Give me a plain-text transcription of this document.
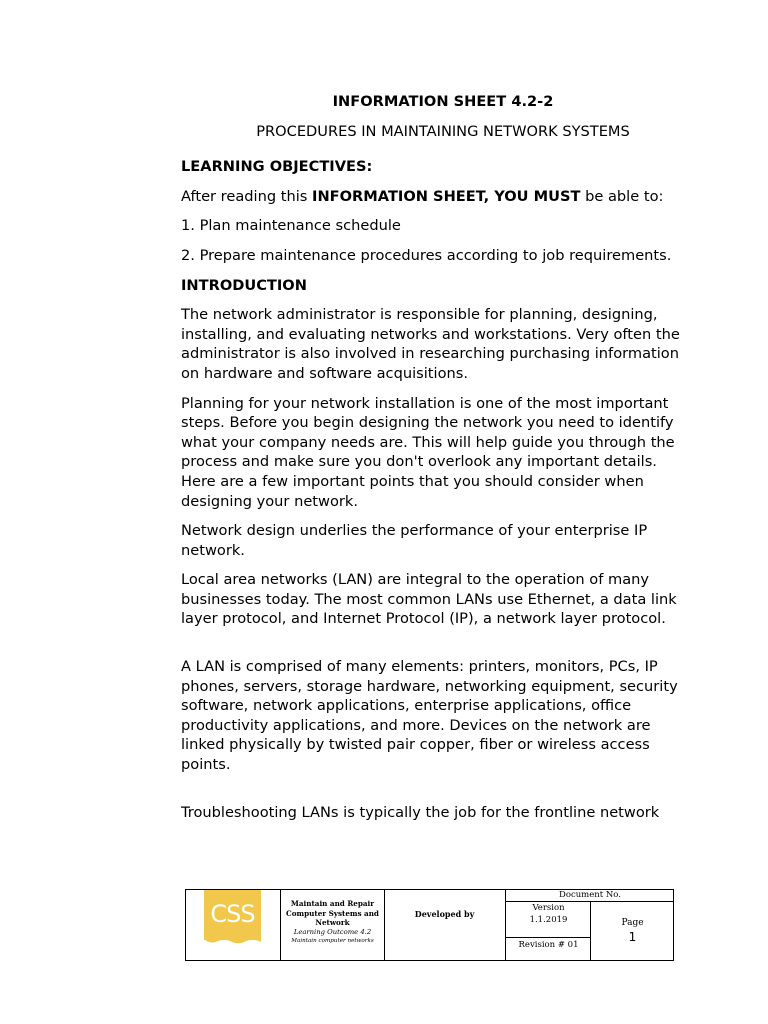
INFORMATION SHEET 4.2-2
PROCEDURES IN MAINTAINING NETWORK SYSTEMS
LEARNING OBJECTIVES:

After reading this INFORMATION SHEET, YOU MUST be able to:

1. Plan maintenance schedule

2. Prepare maintenance procedures according to job requirements.

INTRODUCTION

The network administrator is responsible for planning, designing, installing, and evaluating networks and workstations. Very often the administrator is also involved in researching purchasing information on hardware and software acquisitions.

Planning for your network installation is one of the most important steps. Before you begin designing the network you need to identify what your company needs are. This will help guide you through the process and make sure you don't overlook any important details. Here are a few important points that you should consider when designing your network.

Network design underlies the performance of your enterprise IP network.

Local area networks (LAN) are integral to the operation of many businesses today. The most common LANs use Ethernet, a data link layer protocol, and Internet Protocol (IP), a network layer protocol.

A LAN is comprised of many elements: printers, monitors, PCs, IP phones, servers, storage hardware, networking equipment, security software, network applications, enterprise applications, office productivity applications, and more. Devices on the network are linked physically by twisted pair copper, fiber or wireless access points.

Troubleshooting LANs is typically the job for the frontline network

CSS	Maintain and Repair Computer Systems and Network
Learning Outcome 4.2
Maintain computer networks
Developed by
Document No.
Version
1.1.2019
Revision # 01
Page
1
